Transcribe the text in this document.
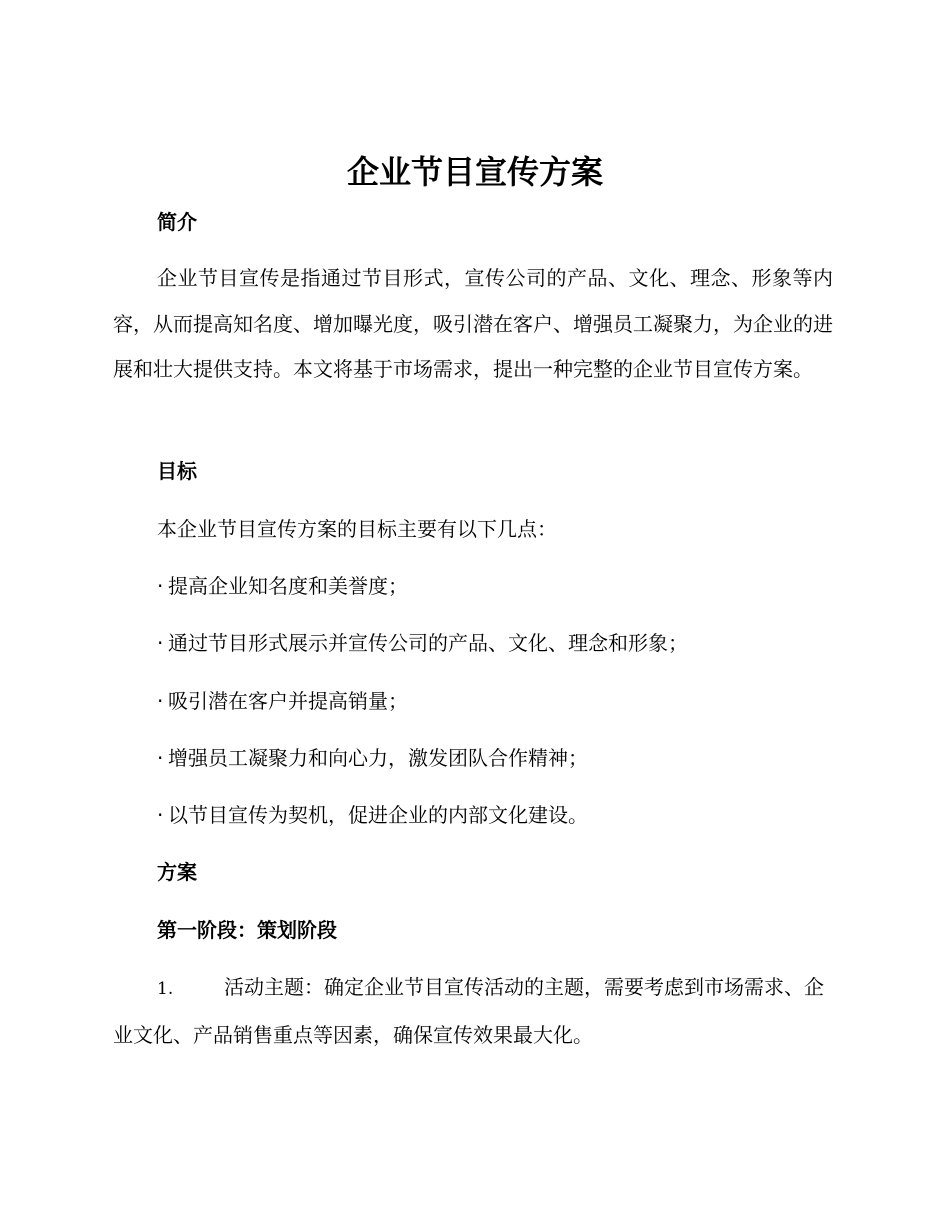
企业节目宣传方案
简介

企业节目宣传是指通过节目形式，宣传公司的产品、文化、理念、形象等内容，从而提高知名度、增加曝光度，吸引潜在客户、增强员工凝聚力，为企业的进展和壮大提供支持。本文将基于市场需求，提出一种完整的企业节目宣传方案。

目标

本企业节目宣传方案的目标主要有以下几点：

· 提高企业知名度和美誉度；

· 通过节目形式展示并宣传公司的产品、文化、理念和形象；

· 吸引潜在客户并提高销量；

· 增强员工凝聚力和向心力，激发团队合作精神；

· 以节目宣传为契机，促进企业的内部文化建设。

方案
第一阶段：策划阶段

1.	活动主题：确定企业节目宣传活动的主题，需要考虑到市场需求、企业文化、产品销售重点等因素，确保宣传效果最大化。
